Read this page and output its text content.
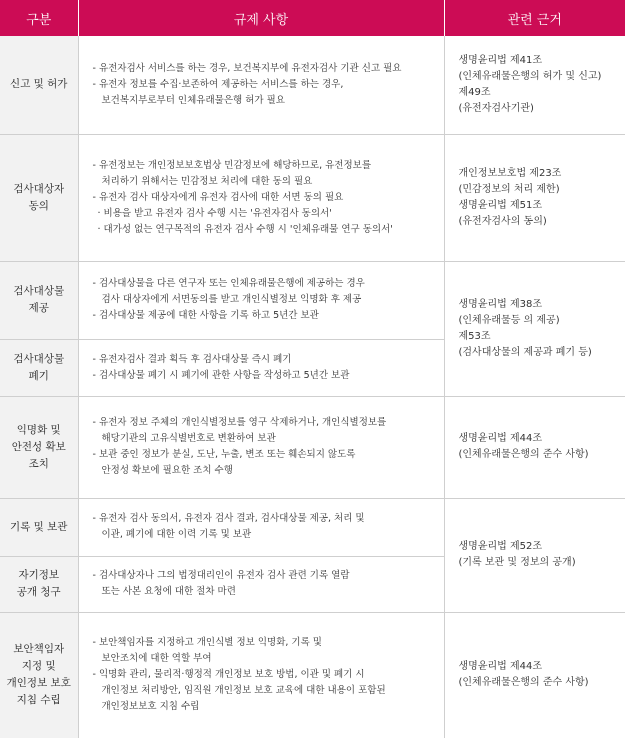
구분	규제 사항	관련 근거

신고 및 허가	- 유전자검사 서비스를 하는 경우, 보건복지부에 유전자검사 기관 신고 필요
- 유전자 정보를 수집·보존하여 제공하는 서비스를 하는 경우,
보건복지부로부터 인체유래물은행 허가 필요	생명윤리법 제41조
(인체유래물은행의 허가 및 신고)
제49조
(유전자검사기관)

검사대상자
동의	- 유전정보는 개인정보보호법상 민감정보에 해당하므로, 유전정보를
처리하기 위해서는 민감정보 처리에 대한 동의 필요
- 유전자 검사 대상자에게 유전자 검사에 대한 서면 동의 필요
· 비용을 받고 유전자 검사 수행 시는 '유전자검사 동의서'
· 대가성 없는 연구목적의 유전자 검사 수행 시 '인체유래물 연구 동의서'	개인정보보호법 제23조
(민감정보의 처리 제한)
생명윤리법 제51조
(유전자검사의 동의)

검사대상물
제공	- 검사대상물을 다른 연구자 또는 인체유래물은행에 제공하는 경우
검사 대상자에게 서면동의를 받고 개인식별정보 익명화 후 제공
- 검사대상물 제공에 대한 사항을 기록 하고 5년간 보관	생명윤리법 제38조
(인체유래물등 의 제공)
제53조
(검사대상물의 제공과 폐기 등)

검사대상물
폐기	- 유전자검사 결과 획득 후 검사대상물 즉시 폐기
- 검사대상물 폐기 시 폐기에 관한 사항을 작성하고 5년간 보관	

익명화 및
안전성 확보
조치	- 유전자 정보 주체의 개인식별정보를 영구 삭제하거나, 개인식별정보를
해당기관의 고유식별번호로 변환하여 보관
- 보관 중인 정보가 분실, 도난, 누출, 변조 또는 훼손되지 않도록
안정성 확보에 필요한 조치 수행	생명윤리법 제44조
(인체유래물은행의 준수 사항)

기록 및 보관	- 유전자 검사 동의서, 유전자 검사 결과, 검사대상물 제공, 처리 및
이관, 폐기에 대한 이력 기록 및 보관	생명윤리법 제52조
(기록 보관 및 정보의 공개)

자기정보
공개 청구	- 검사대상자나 그의 법정대리인이 유전자 검사 관련 기록 열람
또는 사본 요청에 대한 절차 마련	

보안책임자
지정 및
개인정보 보호
지침 수립	- 보안책임자를 지정하고 개인식별 정보 익명화, 기록 및
보안조치에 대한 역할 부여
- 익명화 관리, 물리적·행정적 개인정보 보호 방법, 이관 및 폐기 시
개인정보 처리방안, 임직원 개인정보 보호 교육에 대한 내용이 포함된
개인정보보호 지침 수립	생명윤리법 제44조
(인체유래물은행의 준수 사항)
